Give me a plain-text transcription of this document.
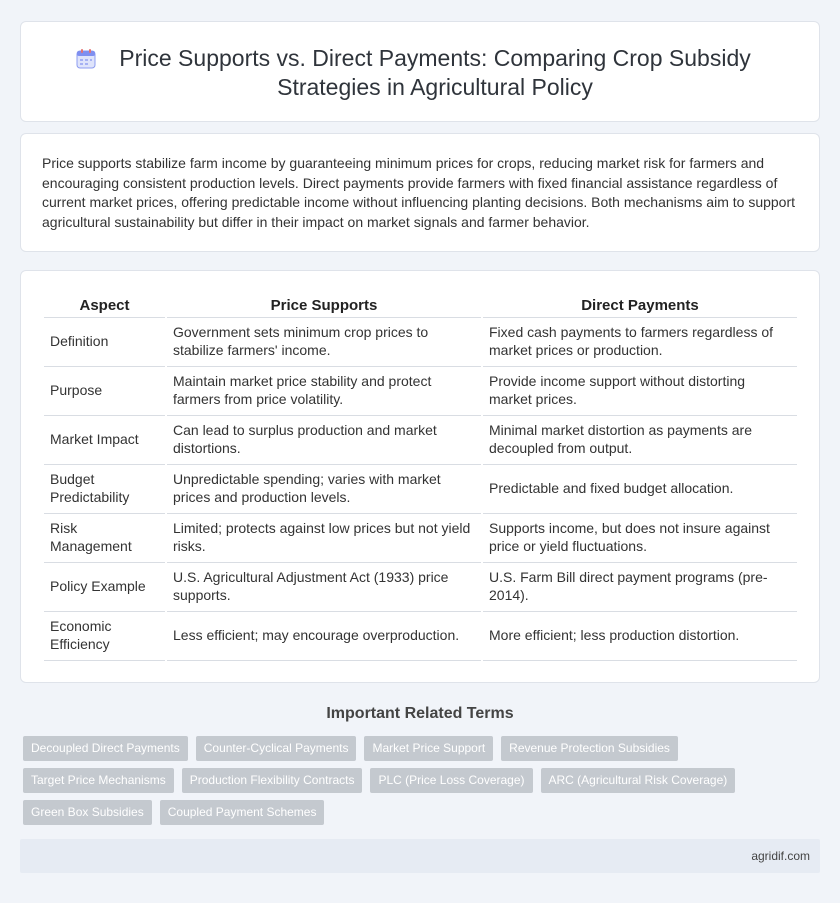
Price Supports vs. Direct Payments: Comparing Crop Subsidy Strategies in Agricultural Policy

Price supports stabilize farm income by guaranteeing minimum prices for crops, reducing market risk for farmers and encouraging consistent production levels. Direct payments provide farmers with fixed financial assistance regardless of current market prices, offering predictable income without influencing planting decisions. Both mechanisms aim to support agricultural sustainability but differ in their impact on market signals and farmer behavior.

Aspect	Price Supports	Direct Payments
Definition	Government sets minimum crop prices to stabilize farmers' income.	Fixed cash payments to farmers regardless of market prices or production.
Purpose	Maintain market price stability and protect farmers from price volatility.	Provide income support without distorting market prices.
Market Impact	Can lead to surplus production and market distortions.	Minimal market distortion as payments are decoupled from output.
Budget Predictability	Unpredictable spending; varies with market prices and production levels.	Predictable and fixed budget allocation.
Risk Management	Limited; protects against low prices but not yield risks.	Supports income, but does not insure against price or yield fluctuations.
Policy Example	U.S. Agricultural Adjustment Act (1933) price supports.	U.S. Farm Bill direct payment programs (pre-2014).
Economic Efficiency	Less efficient; may encourage overproduction.	More efficient; less production distortion.
Important Related Terms
Decoupled Direct Payments	Counter-Cyclical Payments	Market Price Support	Revenue Protection Subsidies
Target Price Mechanisms	Production Flexibility Contracts	PLC (Price Loss Coverage)	ARC (Agricultural Risk Coverage)
Green Box Subsidies	Coupled Payment Schemes
agridif.com
